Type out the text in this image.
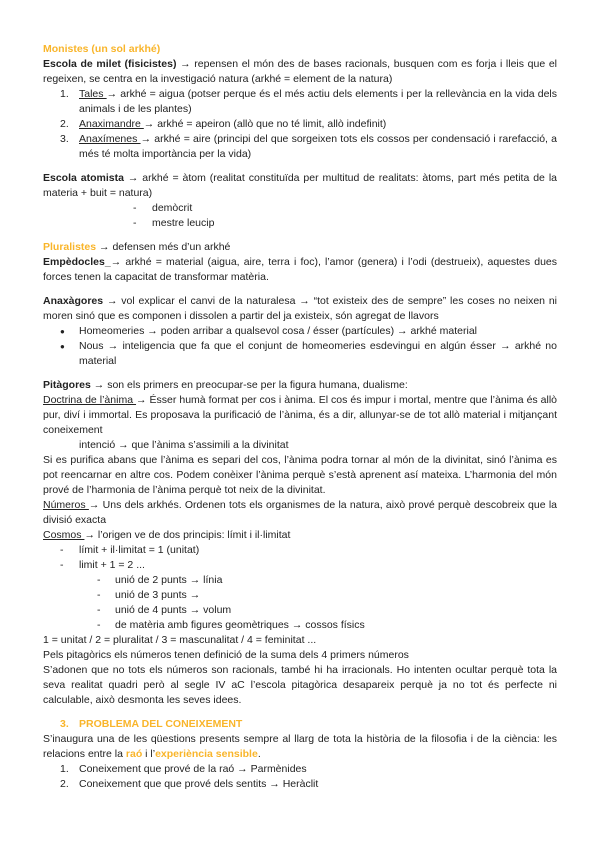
Monistes (un sol arkhé)
Escola de milet (fisicistes) → repensen el món des de bases racionals, busquen com es forja i lleis que el regeixen, se centra en la investigació natura (arkhé = element de la natura)
1. Tales → arkhé = aigua (potser perque és el més actiu dels elements i per la rellevància en la vida dels animals i de les plantes)
2. Anaximandre → arkhé = apeiron (allò que no té limit, allò indefinit)
3. Anaxímenes → arkhé = aire (principi del que sorgeixen tots els cossos per condensació i rarefacció, a més té molta importància per la vida)
Escola atomista → arkhé = àtom (realitat constituïda per multitud de realitats: àtoms, part més petita de la materia + buit = natura)
- demòcrit
- mestre leucip
Pluralistes → defensen més d’un arkhé
Empèdocles_→ arkhé = material (aigua, aire, terra i foc), l’amor (genera) i l’odi (destrueix), aquestes dues forces tenen la capacitat de transformar matèria.
Anaxàgores → vol explicar el canvi de la naturalesa → “tot existeix des de sempre” les coses no neixen ni moren sinó que es componen i dissolen a partir del ja existeix, són agregat de llavors
● Homeomeries → poden arribar a qualsevol cosa / ésser (partícules) → arkhé material
● Nous → inteligencia que fa que el conjunt de homeomeries esdevingui en algún ésser → arkhé no material
Pitàgores → son els primers en preocupar-se per la figura humana, dualisme:
Doctrina de l’ànima → Ésser humà format per cos i ànima. El cos és impur i mortal, mentre que l’ànima és allò pur, diví i immortal. Es proposava la purificació de l’ànima, és a dir, allunyar-se de tot allò material i mitjançant coneixement
intenció → que l’ànima s’assimili a la divinitat
Si es purifica abans que l’ànima es separi del cos, l’ànima podra tornar al món de la divinitat, sinó l’ànima es pot reencarnar en altre cos. Podem conèixer l’ànima perquè s’està aprenent así mateixa. L’harmonia del món prové de l’harmonia de l’ànima perquè tot neix de la divinitat.
Números → Uns dels arkhés. Ordenen tots els organismes de la natura, això prové perquè descobreix que la divisió exacta
Cosmos → l’origen ve de dos principis: límit i il·limitat
- límit + il·limitat = 1 (unitat)
- limit + 1 = 2 ...
- unió de 2 punts → línia
- unió de 3 punts →
- unió de 4 punts → volum
- de matèria amb figures geomètriques → cossos físics
1 = unitat / 2 = pluralitat / 3 = mascunalitat / 4 = feminitat ...
Pels pitagòrics els números tenen definició de la suma dels 4 primers números
S’adonen que no tots els números son racionals, també hi ha irracionals. Ho intenten ocultar perquè tota la seva realitat quadri però al segle IV aC l’escola pitagòrica desapareix perquè ja no tot és perfecte ni calculable, això desmonta les seves idees.
3. PROBLEMA DEL CONEIXEMENT
S’inaugura una de les qüestions presents sempre al llarg de tota la història de la filosofia i de la ciència: les relacions entre la raó i l’experiència sensible.
1. Coneixement que prové de la raó → Parmènides
2. Coneixement que que prové dels sentits → Heràclit
